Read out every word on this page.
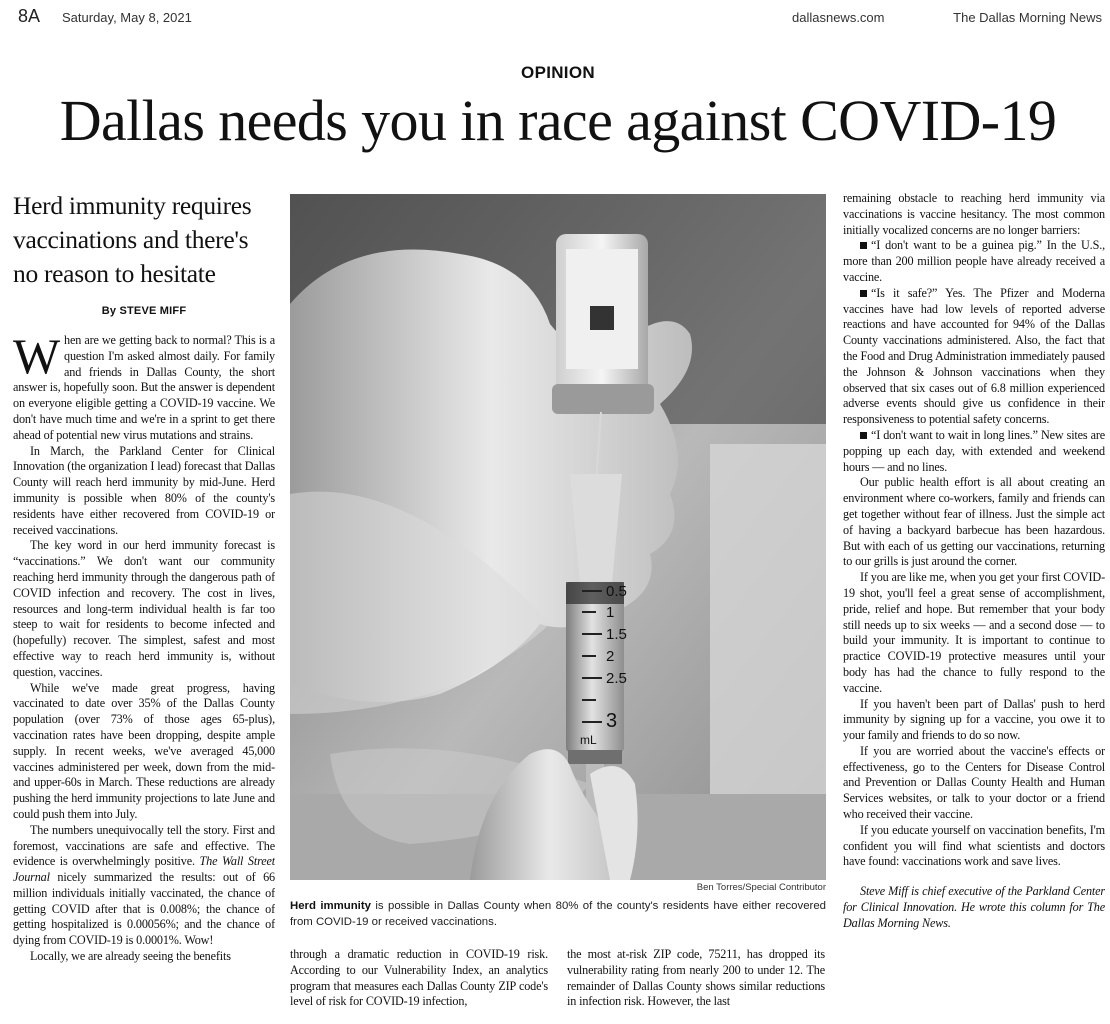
8A Saturday, May 8, 2021	dallasnews.com	The Dallas Morning News
OPINION
Dallas needs you in race against COVID-19
Herd immunity requires vaccinations and there's no reason to hesitate
By STEVE MIFF

When are we getting back to normal? This is a question I'm asked almost daily. For family and friends in Dallas County, the short answer is, hopefully soon. But the answer is dependent on everyone eligible getting a COVID-19 vaccine. We don't have much time and we're in a sprint to get there ahead of potential new virus mutations and strains.

In March, the Parkland Center for Clinical Innovation (the organization I lead) forecast that Dallas County will reach herd immunity by mid-June. Herd immunity is possible when 80% of the county's residents have either recovered from COVID-19 or received vaccinations.

The key word in our herd immunity forecast is “vaccinations.” We don't want our community reaching herd immunity through the dangerous path of COVID infection and recovery. The cost in lives, resources and long-term individual health is far too steep to wait for residents to become infected and (hopefully) recover. The simplest, safest and most effective way to reach herd immunity is, without question, vaccines.

While we've made great progress, having vaccinated to date over 35% of the Dallas County population (over 73% of those ages 65-plus), vaccination rates have been dropping, despite ample supply. In recent weeks, we've averaged 45,000 vaccines administered per week, down from the mid- and upper-60s in March. These reductions are already pushing the herd immunity projections to late June and could push them into July.

The numbers unequivocally tell the story. First and foremost, vaccinations are safe and effective. The evidence is overwhelmingly positive. The Wall Street Journal nicely summarized the results: out of 66 million individuals initially vaccinated, the chance of getting COVID after that is 0.008%; the chance of getting hospitalized is 0.00056%; and the chance of dying from COVID-19 is 0.0001%. Wow!

Locally, we are already seeing the benefits

0.5
1
1.5
2
2.5
3
mL
Ben Torres/Special Contributor
Herd immunity is possible in Dallas County when 80% of the county's residents have either recovered from COVID-19 or received vaccinations.

through a dramatic reduction in COVID-19 risk. According to our Vulnerability Index, an analytics program that measures each Dallas County ZIP code's level of risk for COVID-19 infection,

the most at-risk ZIP code, 75211, has dropped its vulnerability rating from nearly 200 to under 12. The remainder of Dallas County shows similar reductions in infection risk. However, the last

remaining obstacle to reaching herd immunity via vaccinations is vaccine hesitancy. The most common initially vocalized concerns are no longer barriers:

“I don't want to be a guinea pig.” In the U.S., more than 200 million people have already received a vaccine.

“Is it safe?” Yes. The Pfizer and Moderna vaccines have had low levels of reported adverse reactions and have accounted for 94% of the Dallas County vaccinations administered. Also, the fact that the Food and Drug Administration immediately paused the Johnson & Johnson vaccinations when they observed that six cases out of 6.8 million experienced adverse events should give us confidence in their responsiveness to potential safety concerns.

“I don't want to wait in long lines.” New sites are popping up each day, with extended and weekend hours — and no lines.

Our public health effort is all about creating an environment where co-workers, family and friends can get together without fear of illness. Just the simple act of having a backyard barbecue has been hazardous. But with each of us getting our vaccinations, returning to our grills is just around the corner.

If you are like me, when you get your first COVID-19 shot, you'll feel a great sense of accomplishment, pride, relief and hope. But remember that your body still needs up to six weeks — and a second dose — to build your immunity. It is important to continue to practice COVID-19 protective measures until your body has had the chance to fully respond to the vaccine.

If you haven't been part of Dallas' push to herd immunity by signing up for a vaccine, you owe it to your family and friends to do so now.

If you are worried about the vaccine's effects or effectiveness, go to the Centers for Disease Control and Prevention or Dallas County Health and Human Services websites, or talk to your doctor or a friend who received their vaccine.

If you educate yourself on vaccination benefits, I'm confident you will find what scientists and doctors have found: vaccinations work and save lives.

Steve Miff is chief executive of the Parkland Center for Clinical Innovation. He wrote this column for The Dallas Morning News.
